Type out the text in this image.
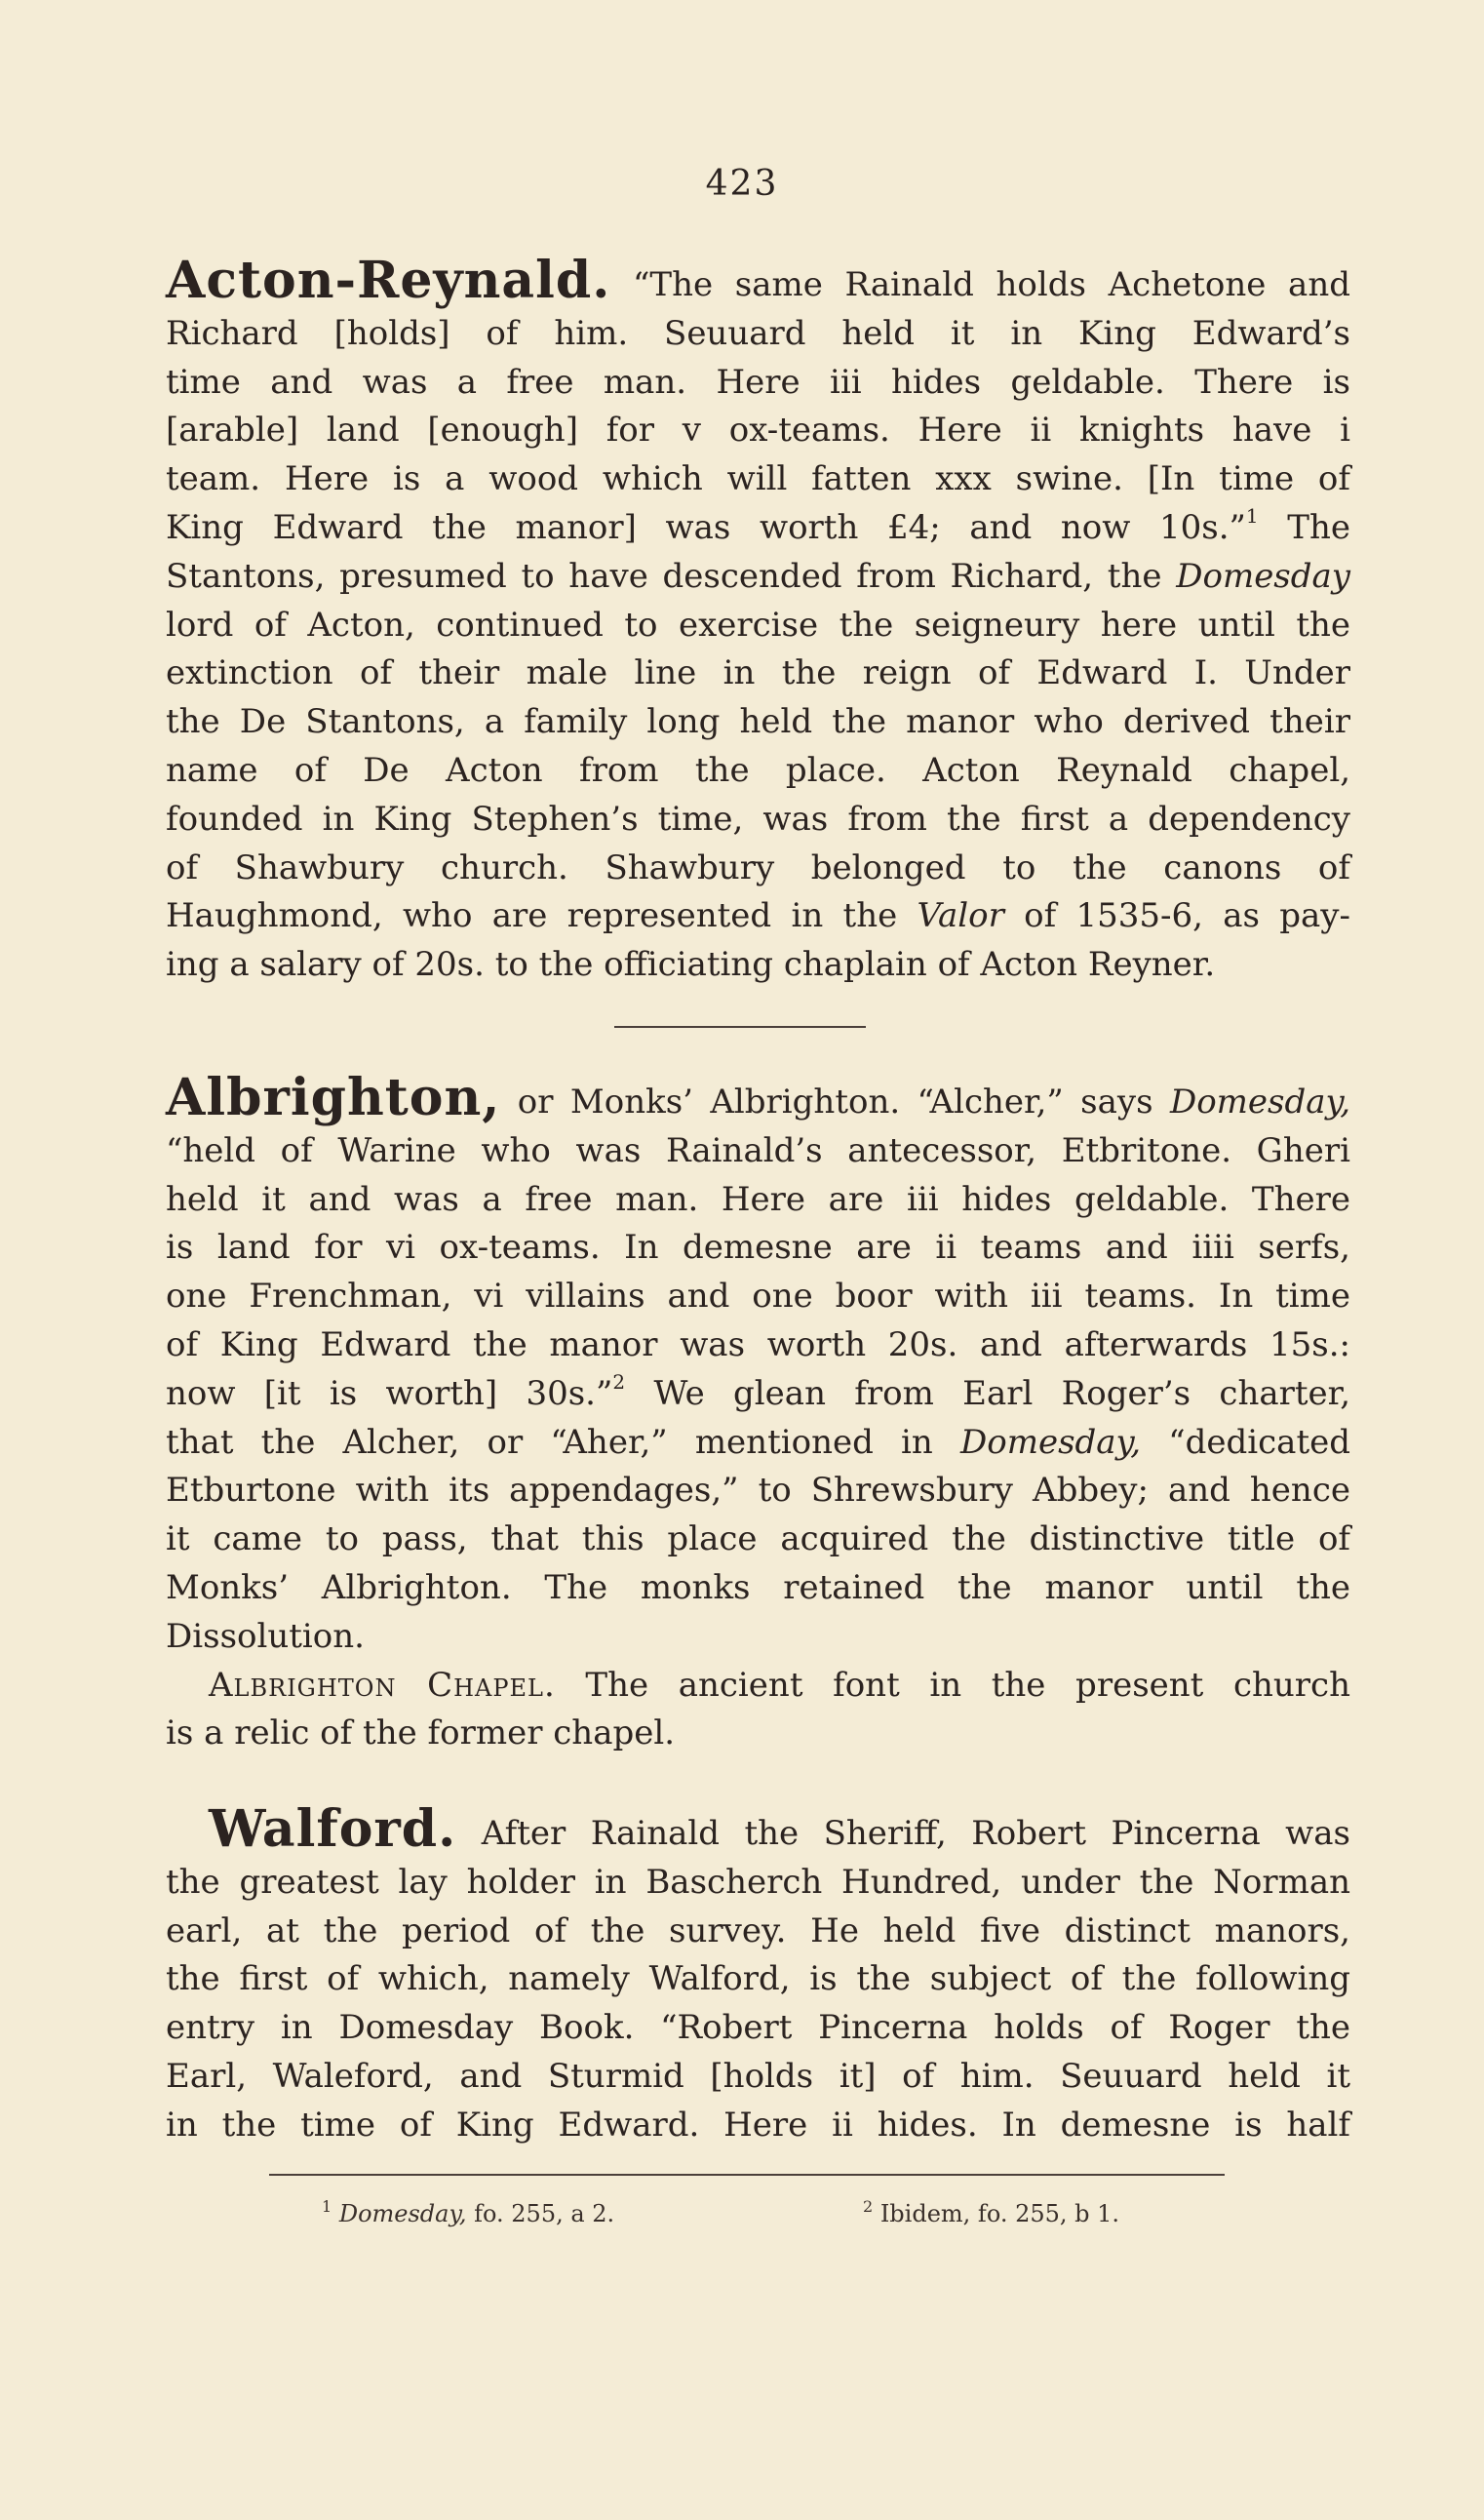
423
Acton-Reynald. “The same Rainald holds Achetone and
Richard [holds] of him. Seuuard held it in King Edward’s
time and was a free man. Here iii hides geldable. There is
[arable] land [enough] for v ox-teams. Here ii knights have i
team. Here is a wood which will fatten xxx swine. [In time of
King Edward the manor] was worth £4; and now 10s.”$^1$ The
Stantons, presumed to have descended from Richard, the Domesday
lord of Acton, continued to exercise the seigneury here until the
extinction of their male line in the reign of Edward I. Under
the De Stantons, a family long held the manor who derived their
name of De Acton from the place. Acton Reynald chapel,
founded in King Stephen’s time, was from the first a dependency
of Shawbury church. Shawbury belonged to the canons of
Haughmond, who are represented in the Valor of 1535-6, as pay-
ing a salary of 20s. to the officiating chaplain of Acton Reyner.
Albrighton, or Monks’ Albrighton. “Alcher,” says Domesday,
“held of Warine who was Rainald’s antecessor, Etbritone. Gheri
held it and was a free man. Here are iii hides geldable. There
is land for vi ox-teams. In demesne are ii teams and iiii serfs,
one Frenchman, vi villains and one boor with iii teams. In time
of King Edward the manor was worth 20s. and afterwards 15s.:
now [it is worth] 30s.”$^2$ We glean from Earl Roger’s charter,
that the Alcher, or “Aher,” mentioned in Domesday, “dedicated
Etburtone with its appendages,” to Shrewsbury Abbey; and hence
it came to pass, that this place acquired the distinctive title of
Monks’ Albrighton. The monks retained the manor until the
Dissolution.
Albrighton Chapel. The ancient font in the present church
is a relic of the former chapel.
Walford. After Rainald the Sheriff, Robert Pincerna was
the greatest lay holder in Bascherch Hundred, under the Norman
earl, at the period of the survey. He held five distinct manors,
the first of which, namely Walford, is the subject of the following
entry in Domesday Book. “Robert Pincerna holds of Roger the
Earl, Waleford, and Sturmid [holds it] of him. Seuuard held it
in the time of King Edward. Here ii hides. In demesne is half
$^1$ Domesday, fo. 255, a 2.	$^2$ Ibidem, fo. 255, b 1.
